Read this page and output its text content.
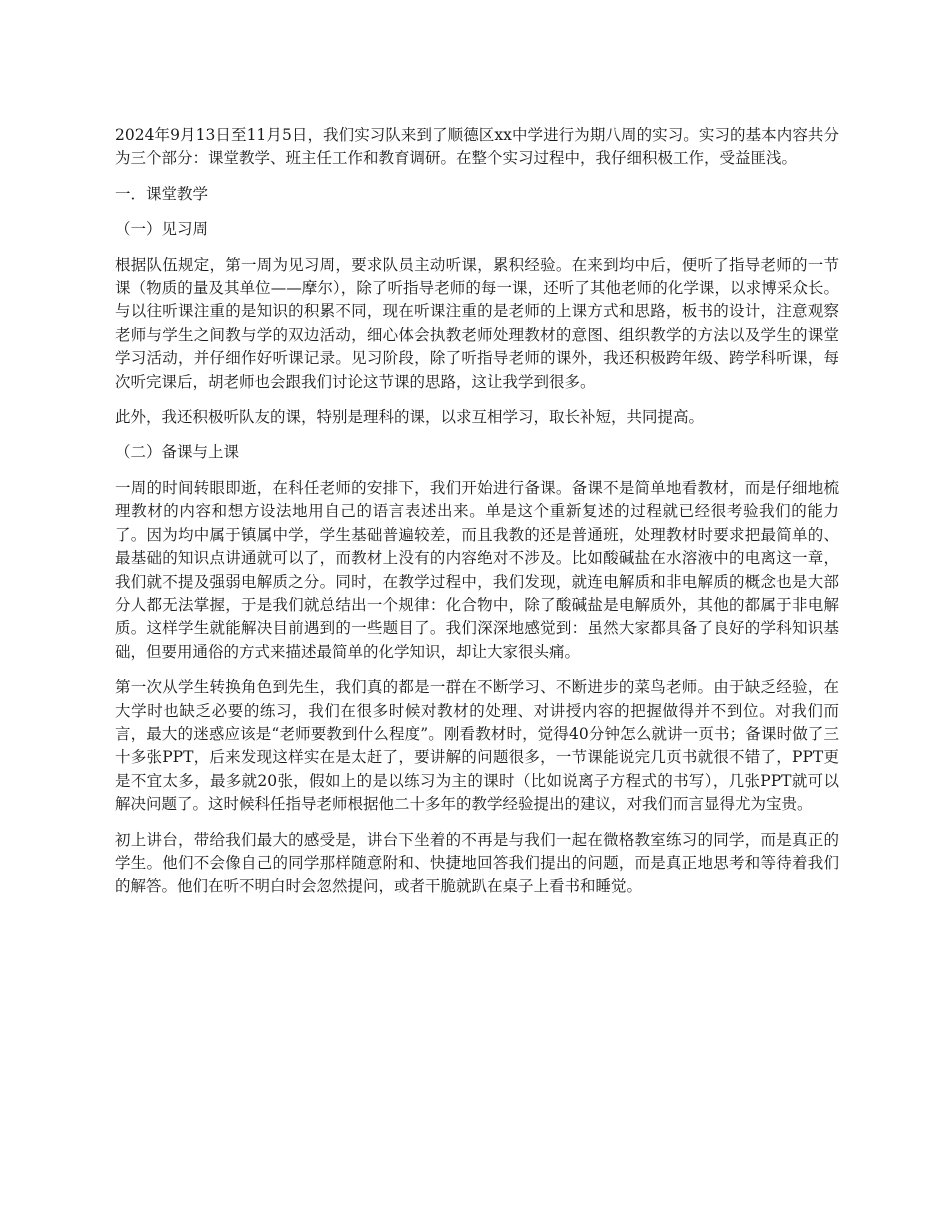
2024年9月13日至11月5日，我们实习队来到了顺德区xx中学进行为期八周的实习。实习的基本内容共分为三个部分：课堂教学、班主任工作和教育调研。在整个实习过程中，我仔细积极工作，受益匪浅。

一．课堂教学

（一）见习周

根据队伍规定，第一周为见习周，要求队员主动听课，累积经验。在来到均中后，便听了指导老师的一节课（物质的量及其单位——摩尔），除了听指导老师的每一课，还听了其他老师的化学课，以求博采众长。与以往听课注重的是知识的积累不同，现在听课注重的是老师的上课方式和思路，板书的设计，注意观察老师与学生之间教与学的双边活动，细心体会执教老师处理教材的意图、组织教学的方法以及学生的课堂学习活动，并仔细作好听课记录。见习阶段，除了听指导老师的课外，我还积极跨年级、跨学科听课，每次听完课后，胡老师也会跟我们讨论这节课的思路，这让我学到很多。

此外，我还积极听队友的课，特别是理科的课，以求互相学习，取长补短，共同提高。

（二）备课与上课

一周的时间转眼即逝，在科任老师的安排下，我们开始进行备课。备课不是简单地看教材，而是仔细地梳理教材的内容和想方设法地用自己的语言表述出来。单是这个重新复述的过程就已经很考验我们的能力了。因为均中属于镇属中学，学生基础普遍较差，而且我教的还是普通班，处理教材时要求把最简单的、最基础的知识点讲通就可以了，而教材上没有的内容绝对不涉及。比如酸碱盐在水溶液中的电离这一章，我们就不提及强弱电解质之分。同时，在教学过程中，我们发现，就连电解质和非电解质的概念也是大部分人都无法掌握，于是我们就总结出一个规律：化合物中，除了酸碱盐是电解质外，其他的都属于非电解质。这样学生就能解决目前遇到的一些题目了。我们深深地感觉到：虽然大家都具备了良好的学科知识基础，但要用通俗的方式来描述最简单的化学知识，却让大家很头痛。

第一次从学生转换角色到先生，我们真的都是一群在不断学习、不断进步的菜鸟老师。由于缺乏经验，在大学时也缺乏必要的练习，我们在很多时候对教材的处理、对讲授内容的把握做得并不到位。对我们而言，最大的迷惑应该是“老师要教到什么程度”。刚看教材时，觉得40分钟怎么就讲一页书；备课时做了三十多张PPT，后来发现这样实在是太赶了，要讲解的问题很多，一节课能说完几页书就很不错了，PPT更是不宜太多，最多就20张，假如上的是以练习为主的课时（比如说离子方程式的书写），几张PPT就可以解决问题了。这时候科任指导老师根据他二十多年的教学经验提出的建议，对我们而言显得尤为宝贵。

初上讲台，带给我们最大的感受是，讲台下坐着的不再是与我们一起在微格教室练习的同学，而是真正的学生。他们不会像自己的同学那样随意附和、快捷地回答我们提出的问题，而是真正地思考和等待着我们的解答。他们在听不明白时会忽然提问，或者干脆就趴在桌子上看书和睡觉。
